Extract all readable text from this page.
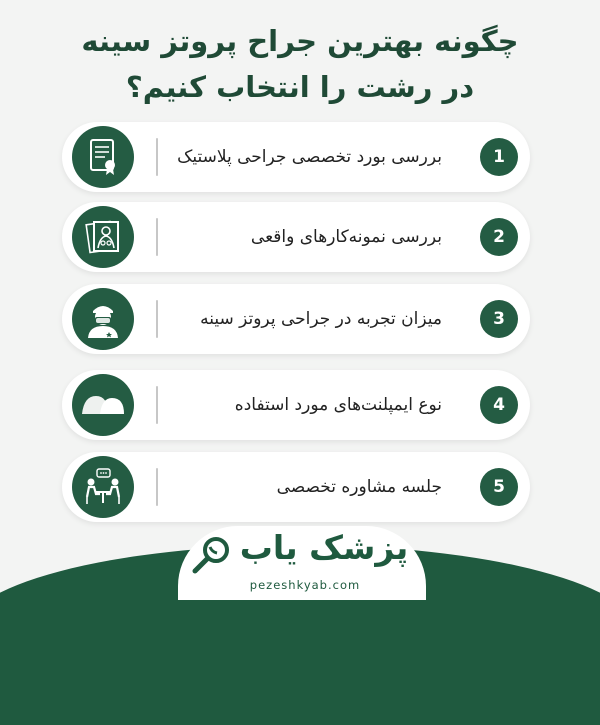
چگونه بهترین جراح پروتز سینه
در رشت را انتخاب کنیم؟
بررسی بورد تخصصی جراحی پلاستیک	1
بررسی نمونه‌کارهای واقعی	2
میزان تجربه در جراحی پروتز سینه	3
نوع ایمپلنت‌های مورد استفاده	4
جلسه مشاوره تخصصی	5
پزشک یاب
pezeshkyab.com
